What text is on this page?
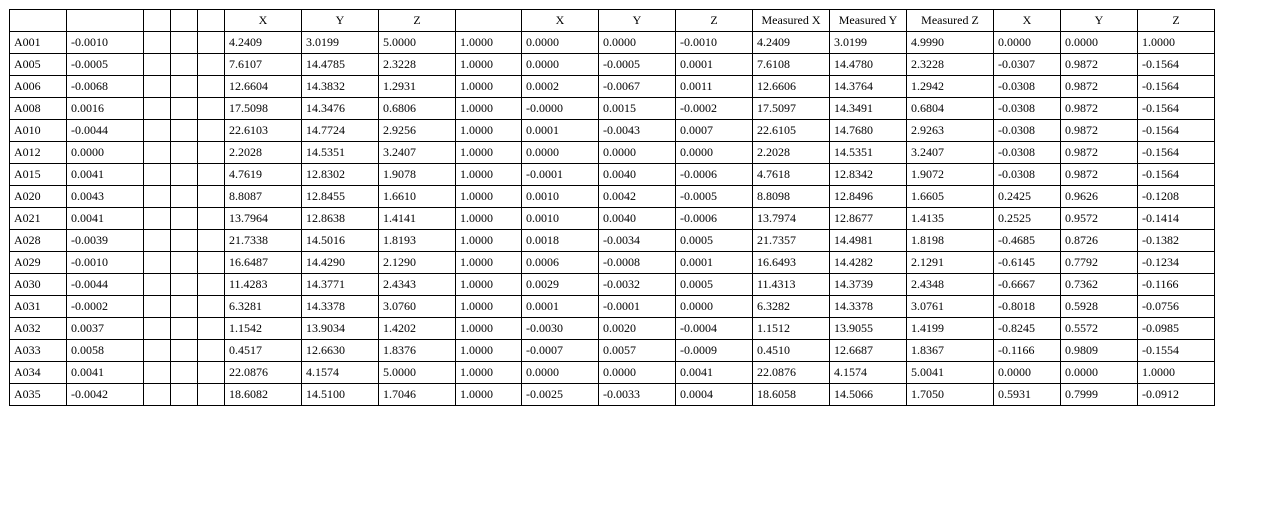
					X	Y	Z		X	Y	Z	Measured X	Measured Y	Measured Z	X	Y	Z
A001	-0.0010				4.2409	3.0199	5.0000	1.0000	0.0000	0.0000	-0.0010	4.2409	3.0199	4.9990	0.0000	0.0000	1.0000
A005	-0.0005				7.6107	14.4785	2.3228	1.0000	0.0000	-0.0005	0.0001	7.6108	14.4780	2.3228	-0.0307	0.9872	-0.1564
A006	-0.0068				12.6604	14.3832	1.2931	1.0000	0.0002	-0.0067	0.0011	12.6606	14.3764	1.2942	-0.0308	0.9872	-0.1564
A008	0.0016				17.5098	14.3476	0.6806	1.0000	-0.0000	0.0015	-0.0002	17.5097	14.3491	0.6804	-0.0308	0.9872	-0.1564
A010	-0.0044				22.6103	14.7724	2.9256	1.0000	0.0001	-0.0043	0.0007	22.6105	14.7680	2.9263	-0.0308	0.9872	-0.1564
A012	0.0000				2.2028	14.5351	3.2407	1.0000	0.0000	0.0000	0.0000	2.2028	14.5351	3.2407	-0.0308	0.9872	-0.1564
A015	0.0041				4.7619	12.8302	1.9078	1.0000	-0.0001	0.0040	-0.0006	4.7618	12.8342	1.9072	-0.0308	0.9872	-0.1564
A020	0.0043				8.8087	12.8455	1.6610	1.0000	0.0010	0.0042	-0.0005	8.8098	12.8496	1.6605	0.2425	0.9626	-0.1208
A021	0.0041				13.7964	12.8638	1.4141	1.0000	0.0010	0.0040	-0.0006	13.7974	12.8677	1.4135	0.2525	0.9572	-0.1414
A028	-0.0039				21.7338	14.5016	1.8193	1.0000	0.0018	-0.0034	0.0005	21.7357	14.4981	1.8198	-0.4685	0.8726	-0.1382
A029	-0.0010				16.6487	14.4290	2.1290	1.0000	0.0006	-0.0008	0.0001	16.6493	14.4282	2.1291	-0.6145	0.7792	-0.1234
A030	-0.0044				11.4283	14.3771	2.4343	1.0000	0.0029	-0.0032	0.0005	11.4313	14.3739	2.4348	-0.6667	0.7362	-0.1166
A031	-0.0002				6.3281	14.3378	3.0760	1.0000	0.0001	-0.0001	0.0000	6.3282	14.3378	3.0761	-0.8018	0.5928	-0.0756
A032	0.0037				1.1542	13.9034	1.4202	1.0000	-0.0030	0.0020	-0.0004	1.1512	13.9055	1.4199	-0.8245	0.5572	-0.0985
A033	0.0058				0.4517	12.6630	1.8376	1.0000	-0.0007	0.0057	-0.0009	0.4510	12.6687	1.8367	-0.1166	0.9809	-0.1554
A034	0.0041				22.0876	4.1574	5.0000	1.0000	0.0000	0.0000	0.0041	22.0876	4.1574	5.0041	0.0000	0.0000	1.0000
A035	-0.0042				18.6082	14.5100	1.7046	1.0000	-0.0025	-0.0033	0.0004	18.6058	14.5066	1.7050	0.5931	0.7999	-0.0912
